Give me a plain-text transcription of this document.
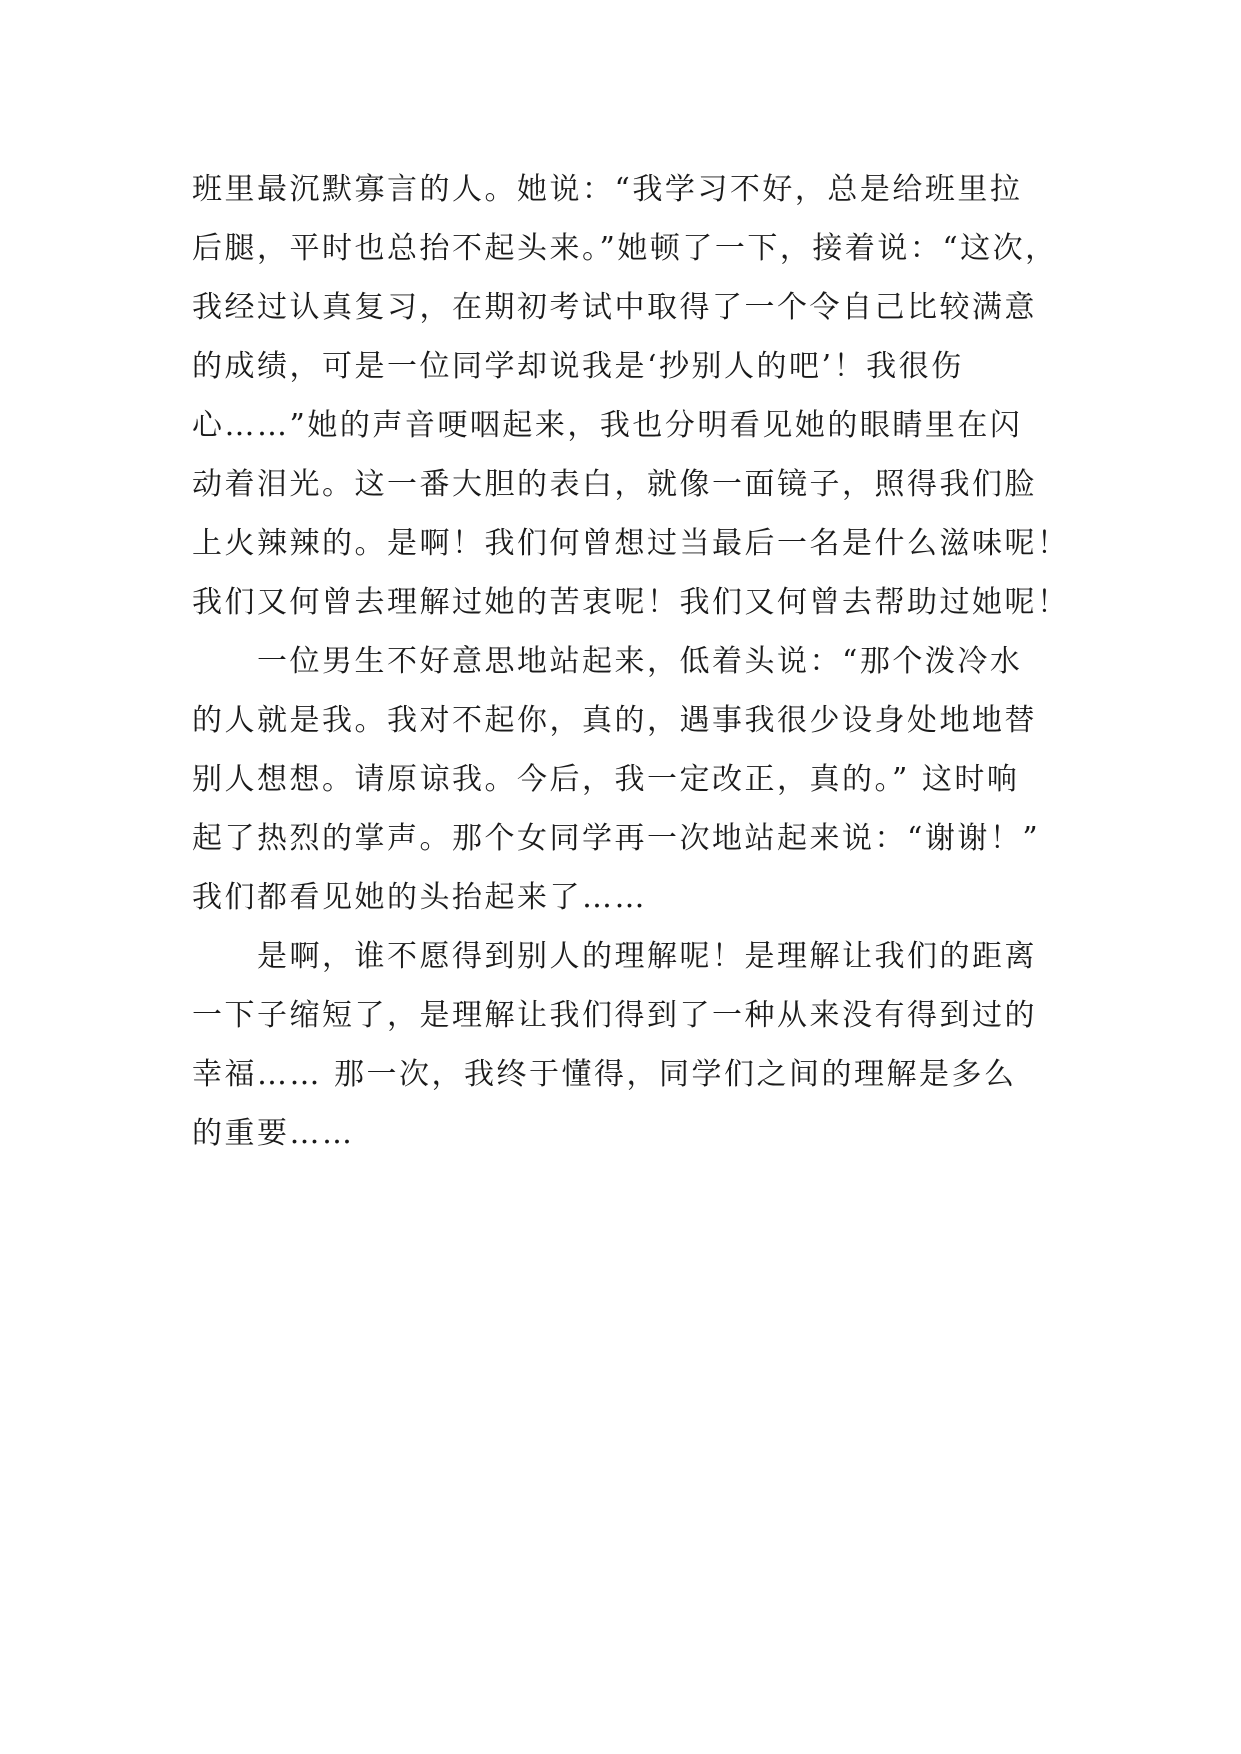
班里最沉默寡言的人。她说：“我学习不好，总是给班里拉
后腿，平时也总抬不起头来。”她顿了一下，接着说：“这次，
我经过认真复习，在期初考试中取得了一个令自己比较满意
的成绩，可是一位同学却说我是‘抄别人的吧’！我很伤
心……”她的声音哽咽起来，我也分明看见她的眼睛里在闪
动着泪光。这一番大胆的表白，就像一面镜子，照得我们脸
上火辣辣的。是啊！我们何曾想过当最后一名是什么滋味呢！
我们又何曾去理解过她的苦衷呢！我们又何曾去帮助过她呢！
　　一位男生不好意思地站起来，低着头说：“那个泼冷水
的人就是我。我对不起你，真的，遇事我很少设身处地地替
别人想想。请原谅我。今后，我一定改正，真的。” 这时响
起了热烈的掌声。那个女同学再一次地站起来说：“谢谢！”
我们都看见她的头抬起来了……
　　是啊，谁不愿得到别人的理解呢！是理解让我们的距离
一下子缩短了，是理解让我们得到了一种从来没有得到过的
幸福…… 那一次，我终于懂得，同学们之间的理解是多么
的重要……
